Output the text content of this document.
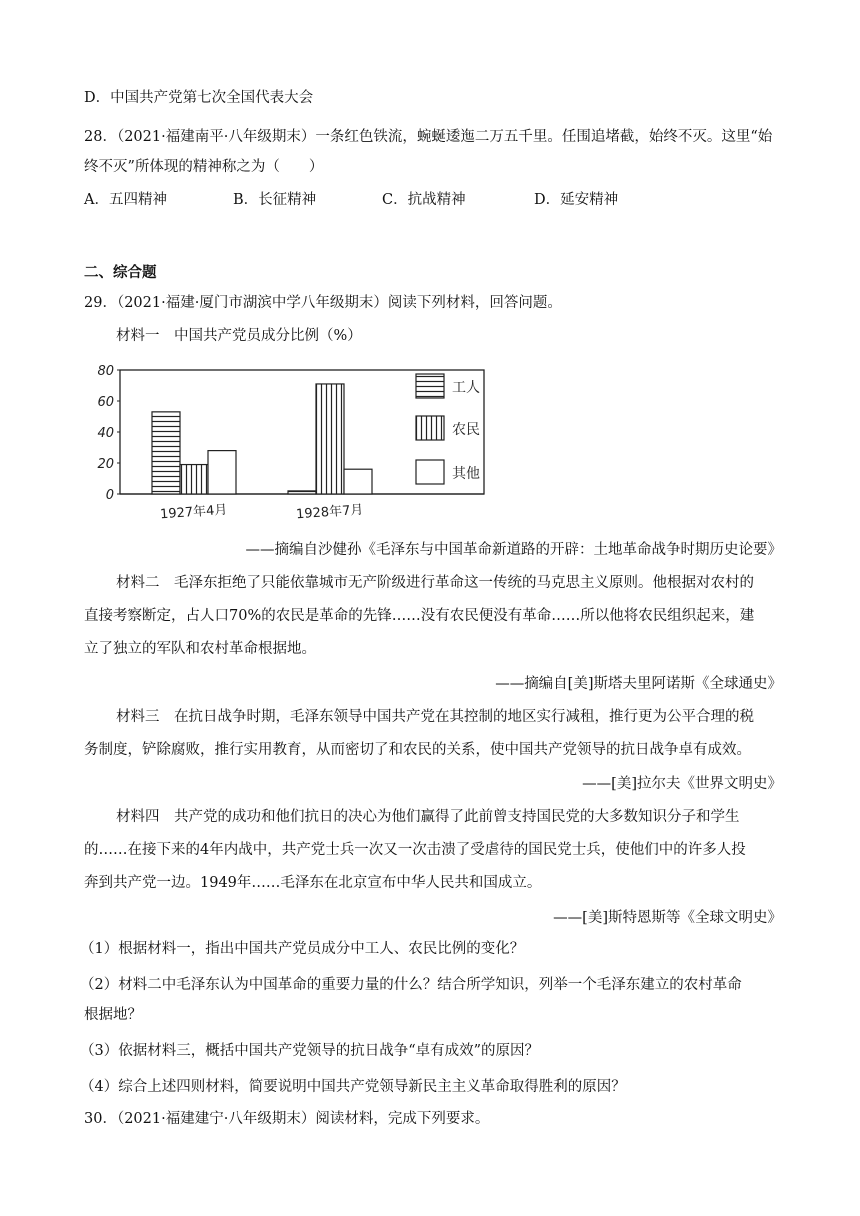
D．中国共产党第七次全国代表大会
28．（2021·福建南平·八年级期末）一条红色铁流，蜿蜒逶迤二万五千里。任围追堵截，始终不灭。这里“始
终不灭”所体现的精神称之为（　　）
A．五四精神	B．长征精神	C．抗战精神	D．延安精神
二、综合题
29．（2021·福建·厦门市湖滨中学八年级期末）阅读下列材料，回答问题。
材料一　中国共产党员成分比例（%）
80
60
40
20
0
1927年4月	1928年7月
工人
农民
其他
——摘编自沙健孙《毛泽东与中国革命新道路的开辟：土地革命战争时期历史论要》
材料二　毛泽东拒绝了只能依靠城市无产阶级进行革命这一传统的马克思主义原则。他根据对农村的
直接考察断定，占人口70%的农民是革命的先锋……没有农民便没有革命……所以他将农民组织起来，建
立了独立的军队和农村革命根据地。
——摘编自[美]斯塔夫里阿诺斯《全球通史》
材料三　在抗日战争时期，毛泽东领导中国共产党在其控制的地区实行减租，推行更为公平合理的税
务制度，铲除腐败，推行实用教育，从而密切了和农民的关系，使中国共产党领导的抗日战争卓有成效。
——[美]拉尔夫《世界文明史》
材料四　共产党的成功和他们抗日的决心为他们赢得了此前曾支持国民党的大多数知识分子和学生
的……在接下来的4年内战中，共产党士兵一次又一次击溃了受虐待的国民党士兵，使他们中的许多人投
奔到共产党一边。1949年……毛泽东在北京宣布中华人民共和国成立。
——[美]斯特恩斯等《全球文明史》
（1）根据材料一，指出中国共产党员成分中工人、农民比例的变化？
（2）材料二中毛泽东认为中国革命的重要力量的什么？结合所学知识，列举一个毛泽东建立的农村革命
根据地？
（3）依据材料三，概括中国共产党领导的抗日战争“卓有成效”的原因？
（4）综合上述四则材料，简要说明中国共产党领导新民主主义革命取得胜利的原因？
30．（2021·福建建宁·八年级期末）阅读材料，完成下列要求。
